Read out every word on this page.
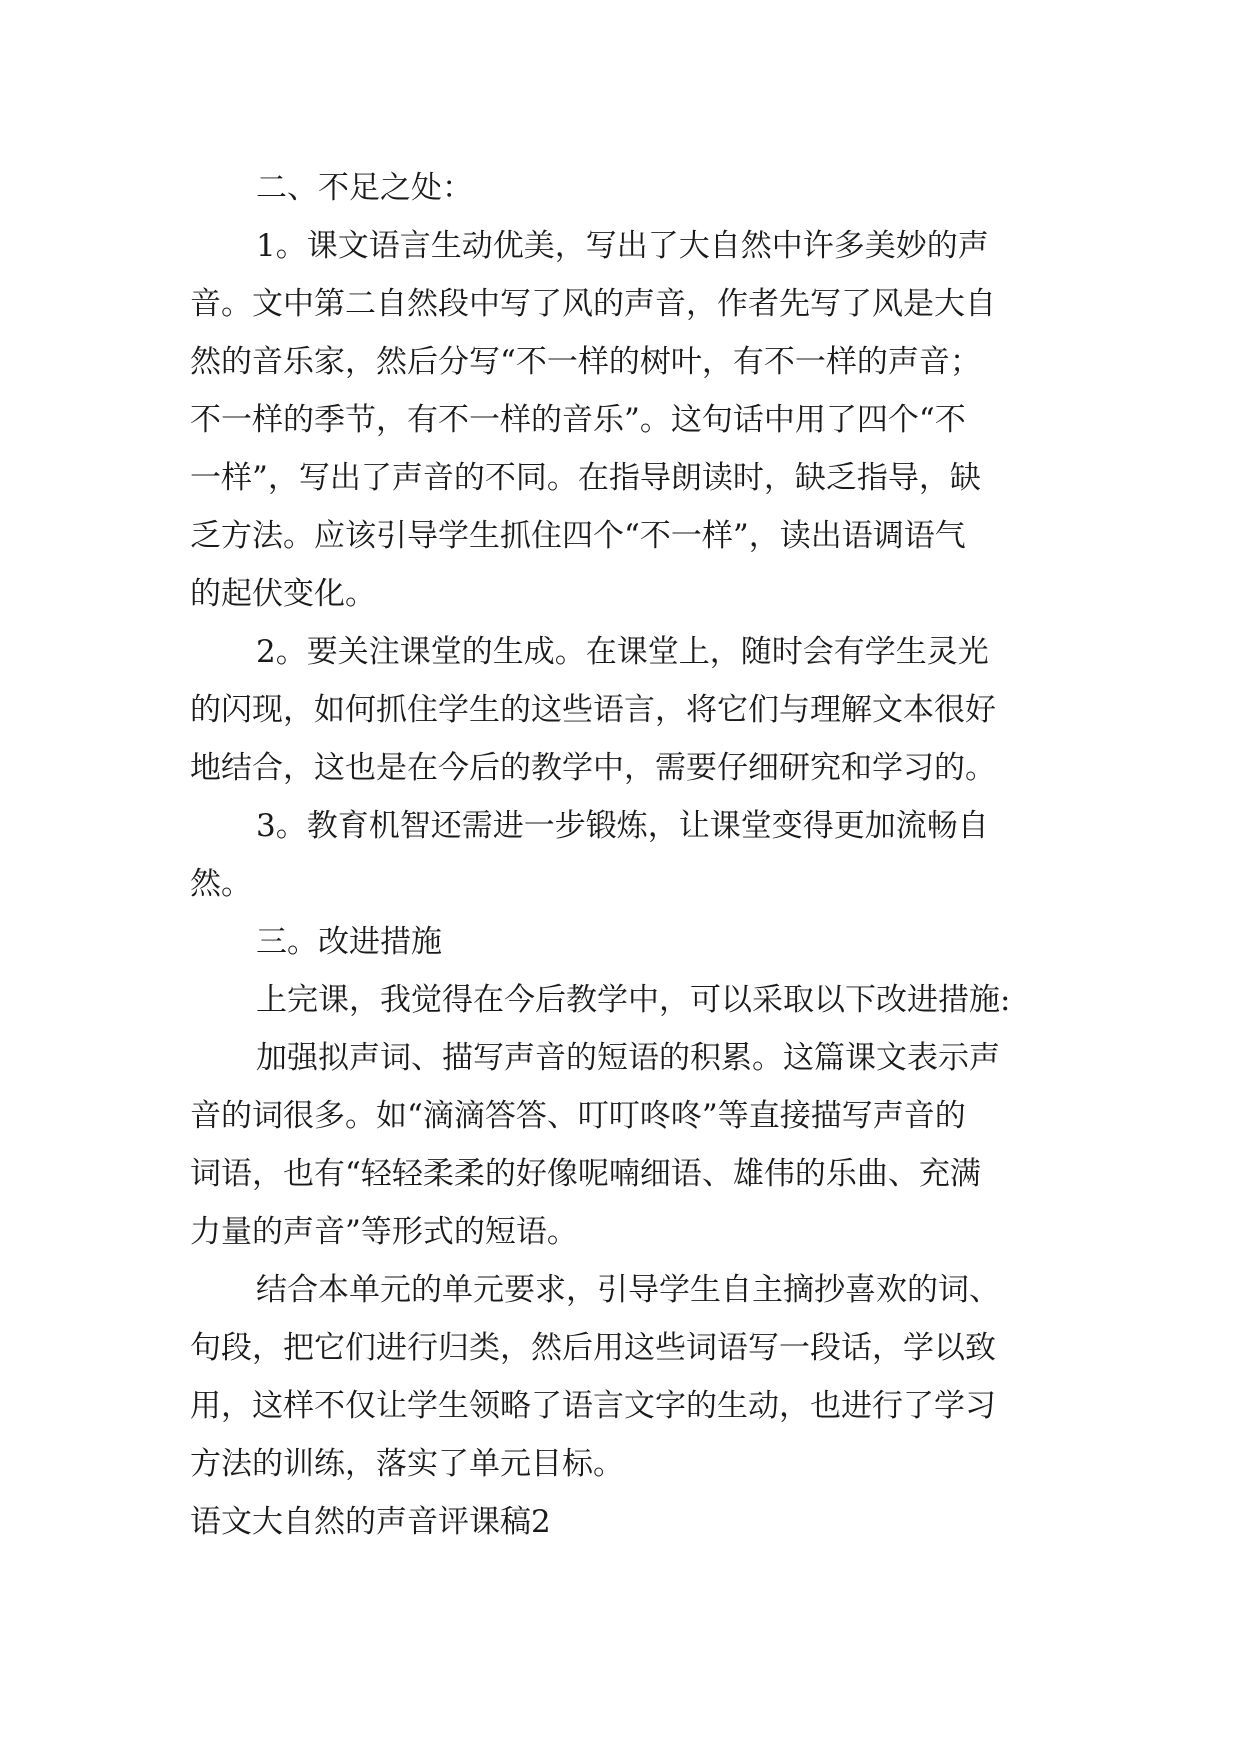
二、不足之处：
1。课文语言生动优美，写出了大自然中许多美妙的声
音。文中第二自然段中写了风的声音，作者先写了风是大自
然的音乐家，然后分写“不一样的树叶，有不一样的声音；
不一样的季节，有不一样的音乐”。这句话中用了四个“不
一样”，写出了声音的不同。在指导朗读时，缺乏指导，缺
乏方法。应该引导学生抓住四个“不一样”，读出语调语气
的起伏变化。
2。要关注课堂的生成。在课堂上，随时会有学生灵光
的闪现，如何抓住学生的这些语言，将它们与理解文本很好
地结合，这也是在今后的教学中，需要仔细研究和学习的。
3。教育机智还需进一步锻炼，让课堂变得更加流畅自
然。
三。改进措施
上完课，我觉得在今后教学中，可以采取以下改进措施:
加强拟声词、描写声音的短语的积累。这篇课文表示声
音的词很多。如“滴滴答答、叮叮咚咚”等直接描写声音的
词语，也有“轻轻柔柔的好像呢喃细语、雄伟的乐曲、充满
力量的声音”等形式的短语。
结合本单元的单元要求，引导学生自主摘抄喜欢的词、
句段，把它们进行归类，然后用这些词语写一段话，学以致
用，这样不仅让学生领略了语言文字的生动，也进行了学习
方法的训练，落实了单元目标。
语文大自然的声音评课稿2
